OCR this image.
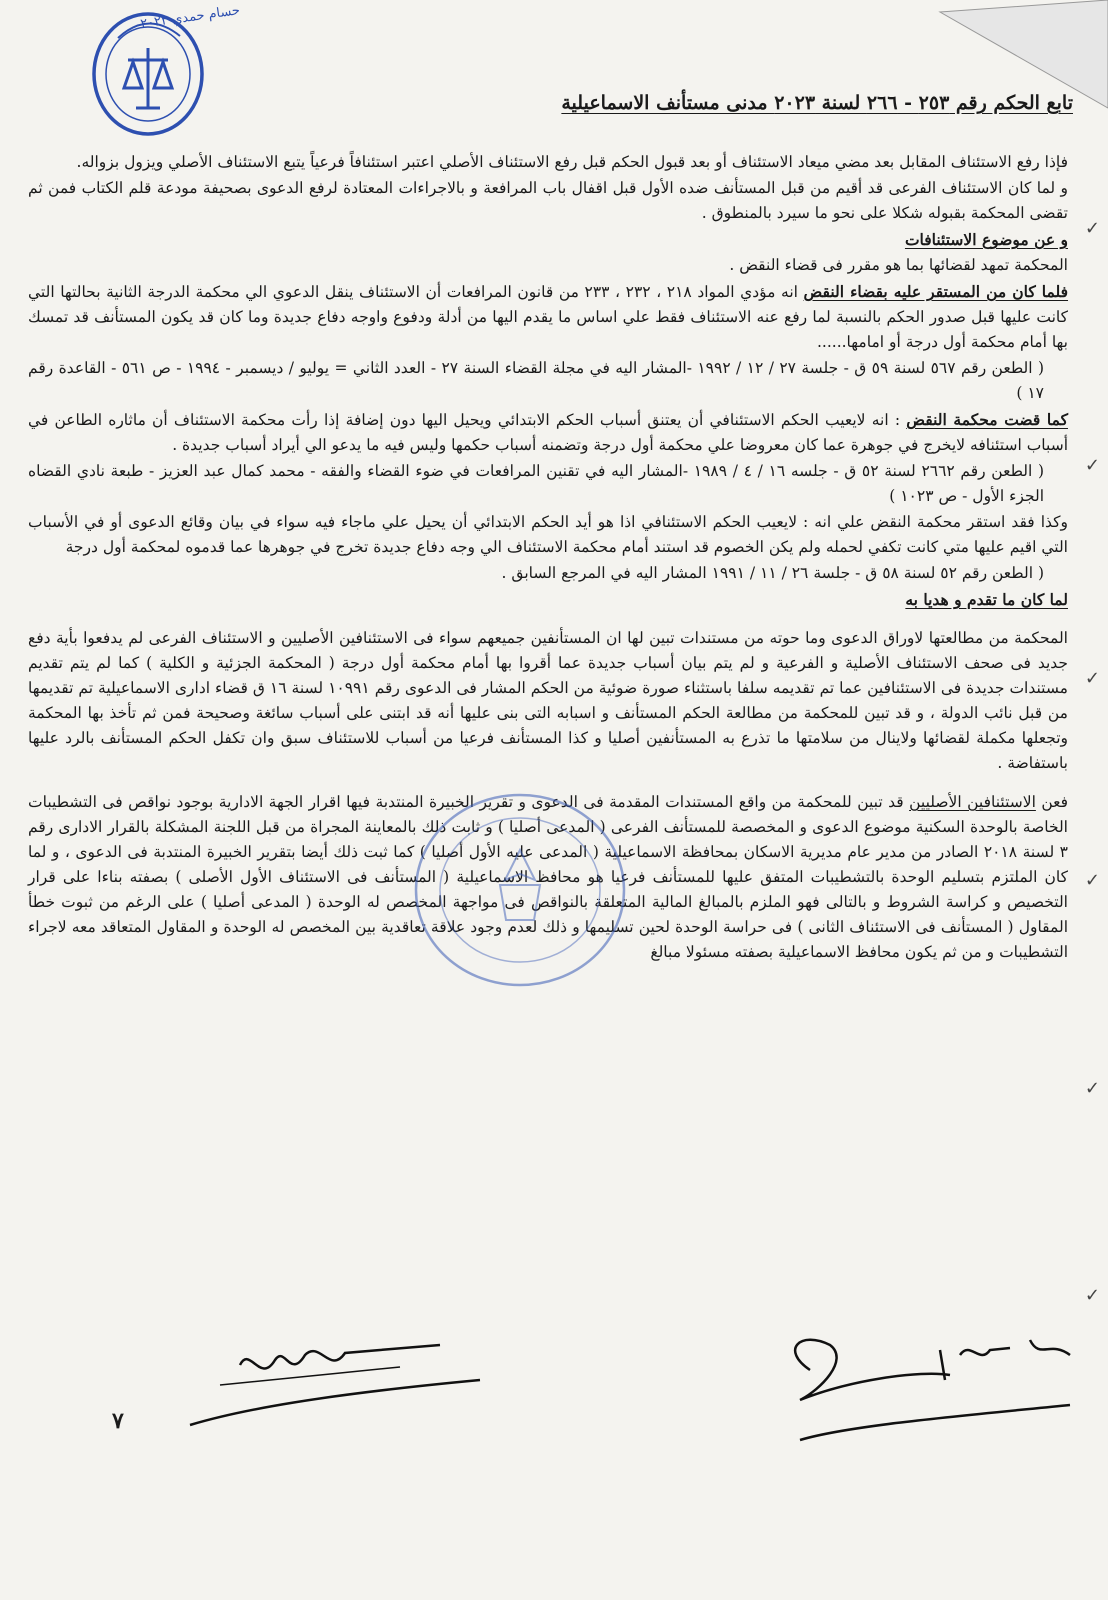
حسام حمدي ٢٠٢٣
تابع الحكم رقم ٢٥٣ - ٢٦٦ لسنة ٢٠٢٣ مدنى مستأنف الاسماعيلية

فإذا رفع الاستئناف المقابل بعد مضي ميعاد الاستئناف أو بعد قبول الحكم قبل رفع الاستئناف الأصلي اعتبر استئنافاً فرعياً يتبع الاستئناف الأصلي ويزول بزواله.

و لما كان الاستئناف الفرعى قد أقيم من قبل المستأنف ضده الأول قبل اقفال باب المرافعة و بالاجراءات المعتادة لرفع الدعوى بصحيفة مودعة قلم الكتاب فمن ثم تقضى المحكمة بقبوله شكلا على نحو ما سيرد بالمنطوق .

و عن موضوع الاستئنافات

المحكمة تمهد لقضائها بما هو مقرر فى قضاء النقض .

فلما كان من المستقر عليه بقضاء النقض انه مؤدي المواد ٢١٨ ، ٢٣٢ ، ٢٣٣ من قانون المرافعات أن الاستئناف ينقل الدعوي الي محكمة الدرجة الثانية بحالتها التي كانت عليها قبل صدور الحكم بالنسبة لما رفع عنه الاستئناف فقط علي اساس ما يقدم اليها من أدلة ودفوع واوجه دفاع جديدة وما كان قد يكون المستأنف قد تمسك بها أمام محكمة أول درجة أو امامها......

( الطعن رقم ٥٦٧ لسنة ٥٩ ق - جلسة ٢٧ / ١٢ / ١٩٩٢ -المشار اليه في مجلة القضاء السنة ٢٧ - العدد الثاني = يوليو / ديسمبر - ١٩٩٤ - ص ٥٦١ - القاعدة رقم ١٧ )

كما قضت محكمة النقض : انه لايعيب الحكم الاستئنافي أن يعتنق أسباب الحكم الابتدائي ويحيل اليها دون إضافة إذا رأت محكمة الاستئناف أن ماثاره الطاعن في أسباب استئنافه لايخرج في جوهرة عما كان معروضا علي محكمة أول درجة وتضمنه أسباب حكمها وليس فيه ما يدعو الي أيراد أسباب جديدة .

( الطعن رقم ٢٦٦٢ لسنة ٥٢ ق - جلسه ١٦ / ٤ / ١٩٨٩ -المشار اليه في تقنين المرافعات في ضوء القضاء والفقه - محمد كمال عبد العزيز - طبعة نادي القضاه الجزء الأول - ص ١٠٢٣ )

وكذا فقد استقر محكمة النقض علي انه : لايعيب الحكم الاستئنافي اذا هو أيد الحكم الابتدائي أن يحيل علي ماجاء فيه سواء في بيان وقائع الدعوى أو في الأسباب التي اقيم عليها متي كانت تكفي لحمله ولم يكن الخصوم قد استند أمام محكمة الاستئناف الي وجه دفاع جديدة تخرج في جوهرها عما قدموه لمحكمة أول درجة

( الطعن رقم ٥٢ لسنة ٥٨ ق - جلسة ٢٦ / ١١ / ١٩٩١ المشار اليه في المرجع السابق .

لما كان ما تقدم و هديا به

المحكمة من مطالعتها لاوراق الدعوى وما حوته من مستندات تبين لها ان المستأنفين جميعهم سواء فى الاستئنافين الأصليين و الاستئناف الفرعى لم يدفعوا بأية دفع جديد فى صحف الاستئناف الأصلية و الفرعية و لم يتم بيان أسباب جديدة عما أقروا بها أمام محكمة أول درجة ( المحكمة الجزئية و الكلية ) كما لم يتم تقديم مستندات جديدة فى الاستئنافين عما تم تقديمه سلفا باستثناء صورة ضوئية من الحكم المشار فى الدعوى رقم ١٠٩٩١ لسنة ١٦ ق قضاء ادارى الاسماعيلية تم تقديمها من قبل نائب الدولة ، و قد تبين للمحكمة من مطالعة الحكم المستأنف و اسبابه التى بنى عليها أنه قد ابتنى على أسباب سائغة وصحيحة فمن ثم تأخذ بها المحكمة وتجعلها مكملة لقضائها ولاينال من سلامتها ما تذرع به المستأنفين أصليا و كذا المستأنف فرعيا من أسباب للاستئناف سبق وان تكفل الحكم المستأنف بالرد عليها باستفاضة .

فعن الاستئنافين الأصليين قد تبين للمحكمة من واقع المستندات المقدمة فى الدعوى و تقرير الخبيرة المنتدبة فيها اقرار الجهة الادارية بوجود نواقص فى التشطيبات الخاصة بالوحدة السكنية موضوع الدعوى و المخصصة للمستأنف الفرعى ( المدعى أصليا ) و ثابت ذلك بالمعاينة المجراة من قبل اللجنة المشكلة بالقرار الادارى رقم ٣ لسنة ٢٠١٨ الصادر من مدير عام مديرية الاسكان بمحافظة الاسماعيلية ( المدعى عليه الأول أصليا ) كما ثبت ذلك أيضا بتقرير الخبيرة المنتدبة فى الدعوى ، و لما كان الملتزم بتسليم الوحدة بالتشطيبات المتفق عليها للمستأنف فرعيا هو محافظ الاسماعيلية ( المستأنف فى الاستئناف الأول الأصلى ) بصفته بناءا على قرار التخصيص و كراسة الشروط و بالتالى فهو الملزم بالمبالغ المالية المتعلقة بالنواقص فى مواجهة المخصص له الوحدة ( المدعى أصليا ) على الرغم من ثبوت خطأ المقاول ( المستأنف فى الاستئناف الثانى ) فى حراسة الوحدة لحين تسليمها و ذلك لعدم وجود علاقة تعاقدية بين المخصص له الوحدة و المقاول المتعاقد معه لاجراء التشطيبات و من ثم يكون محافظ الاسماعيلية بصفته مسئولا مبالغ

✓
✓
✓
✓
✓
✓
٧
